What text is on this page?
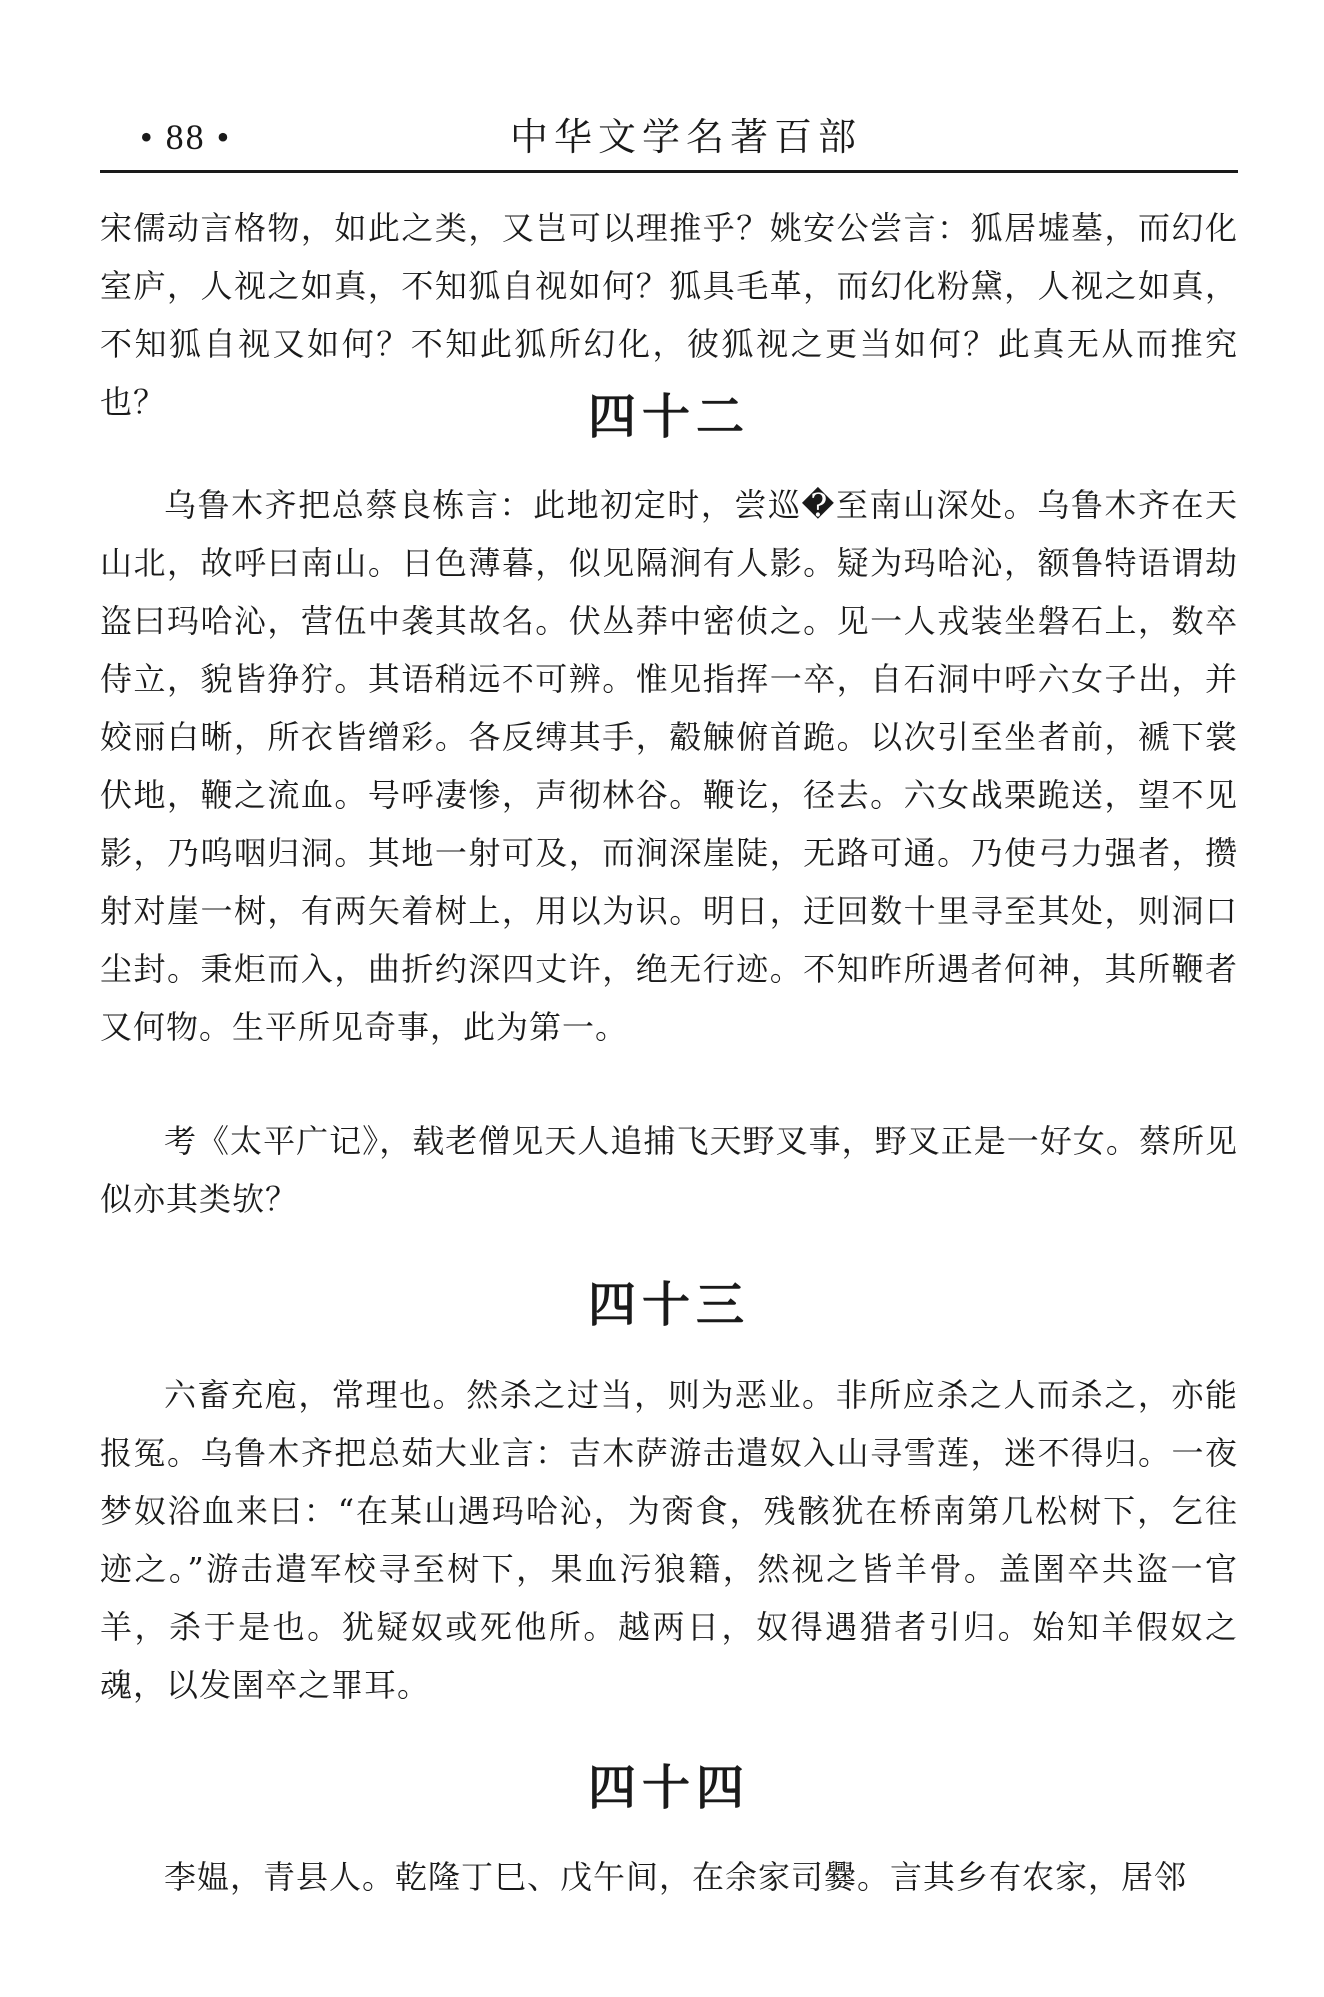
• 88 •	中华文学名著百部

宋儒动言格物，如此之类，又岂可以理推乎？姚安公尝言：狐居墟墓，而幻化室庐，人视之如真，不知狐自视如何？狐具毛革，而幻化粉黛，人视之如真，不知狐自视又如何？不知此狐所幻化，彼狐视之更当如何？此真无从而推究也？	四十二

乌鲁木齐把总蔡良栋言：此地初定时，尝巡�至南山深处。乌鲁木齐在天山北，故呼曰南山。日色薄暮，似见隔涧有人影。疑为玛哈沁，额鲁特语谓劫盗曰玛哈沁，营伍中袭其故名。伏丛莽中密侦之。见一人戎装坐磐石上，数卒侍立，貌皆狰狞。其语稍远不可辨。惟见指挥一卒，自石洞中呼六女子出，并姣丽白晰，所衣皆缯彩。各反缚其手，觳觫俯首跪。以次引至坐者前，褫下裳伏地，鞭之流血。号呼凄惨，声彻林谷。鞭讫，径去。六女战栗跪送，望不见影，乃呜咽归洞。其地一射可及，而涧深崖陡，无路可通。乃使弓力强者，攒射对崖一树，有两矢着树上，用以为识。明日，迂回数十里寻至其处，则洞口尘封。秉炬而入，曲折约深四丈许，绝无行迹。不知昨所遇者何神，其所鞭者又何物。生平所见奇事，此为第一。

考《太平广记》，载老僧见天人追捕飞天野叉事，野叉正是一好女。蔡所见似亦其类欤？

四十三

六畜充庖，常理也。然杀之过当，则为恶业。非所应杀之人而杀之，亦能报冤。乌鲁木齐把总茹大业言：吉木萨游击遣奴入山寻雪莲，迷不得归。一夜梦奴浴血来曰：“在某山遇玛哈沁，为脔食，残骸犹在桥南第几松树下，乞往迹之。”游击遣军校寻至树下，果血污狼籍，然视之皆羊骨。盖圉卒共盗一官羊，杀于是也。犹疑奴或死他所。越两日，奴得遇猎者引归。始知羊假奴之魂，以发圉卒之罪耳。

四十四

李媪，青县人。乾隆丁巳、戊午间，在余家司爨。言其乡有农家，居邻
